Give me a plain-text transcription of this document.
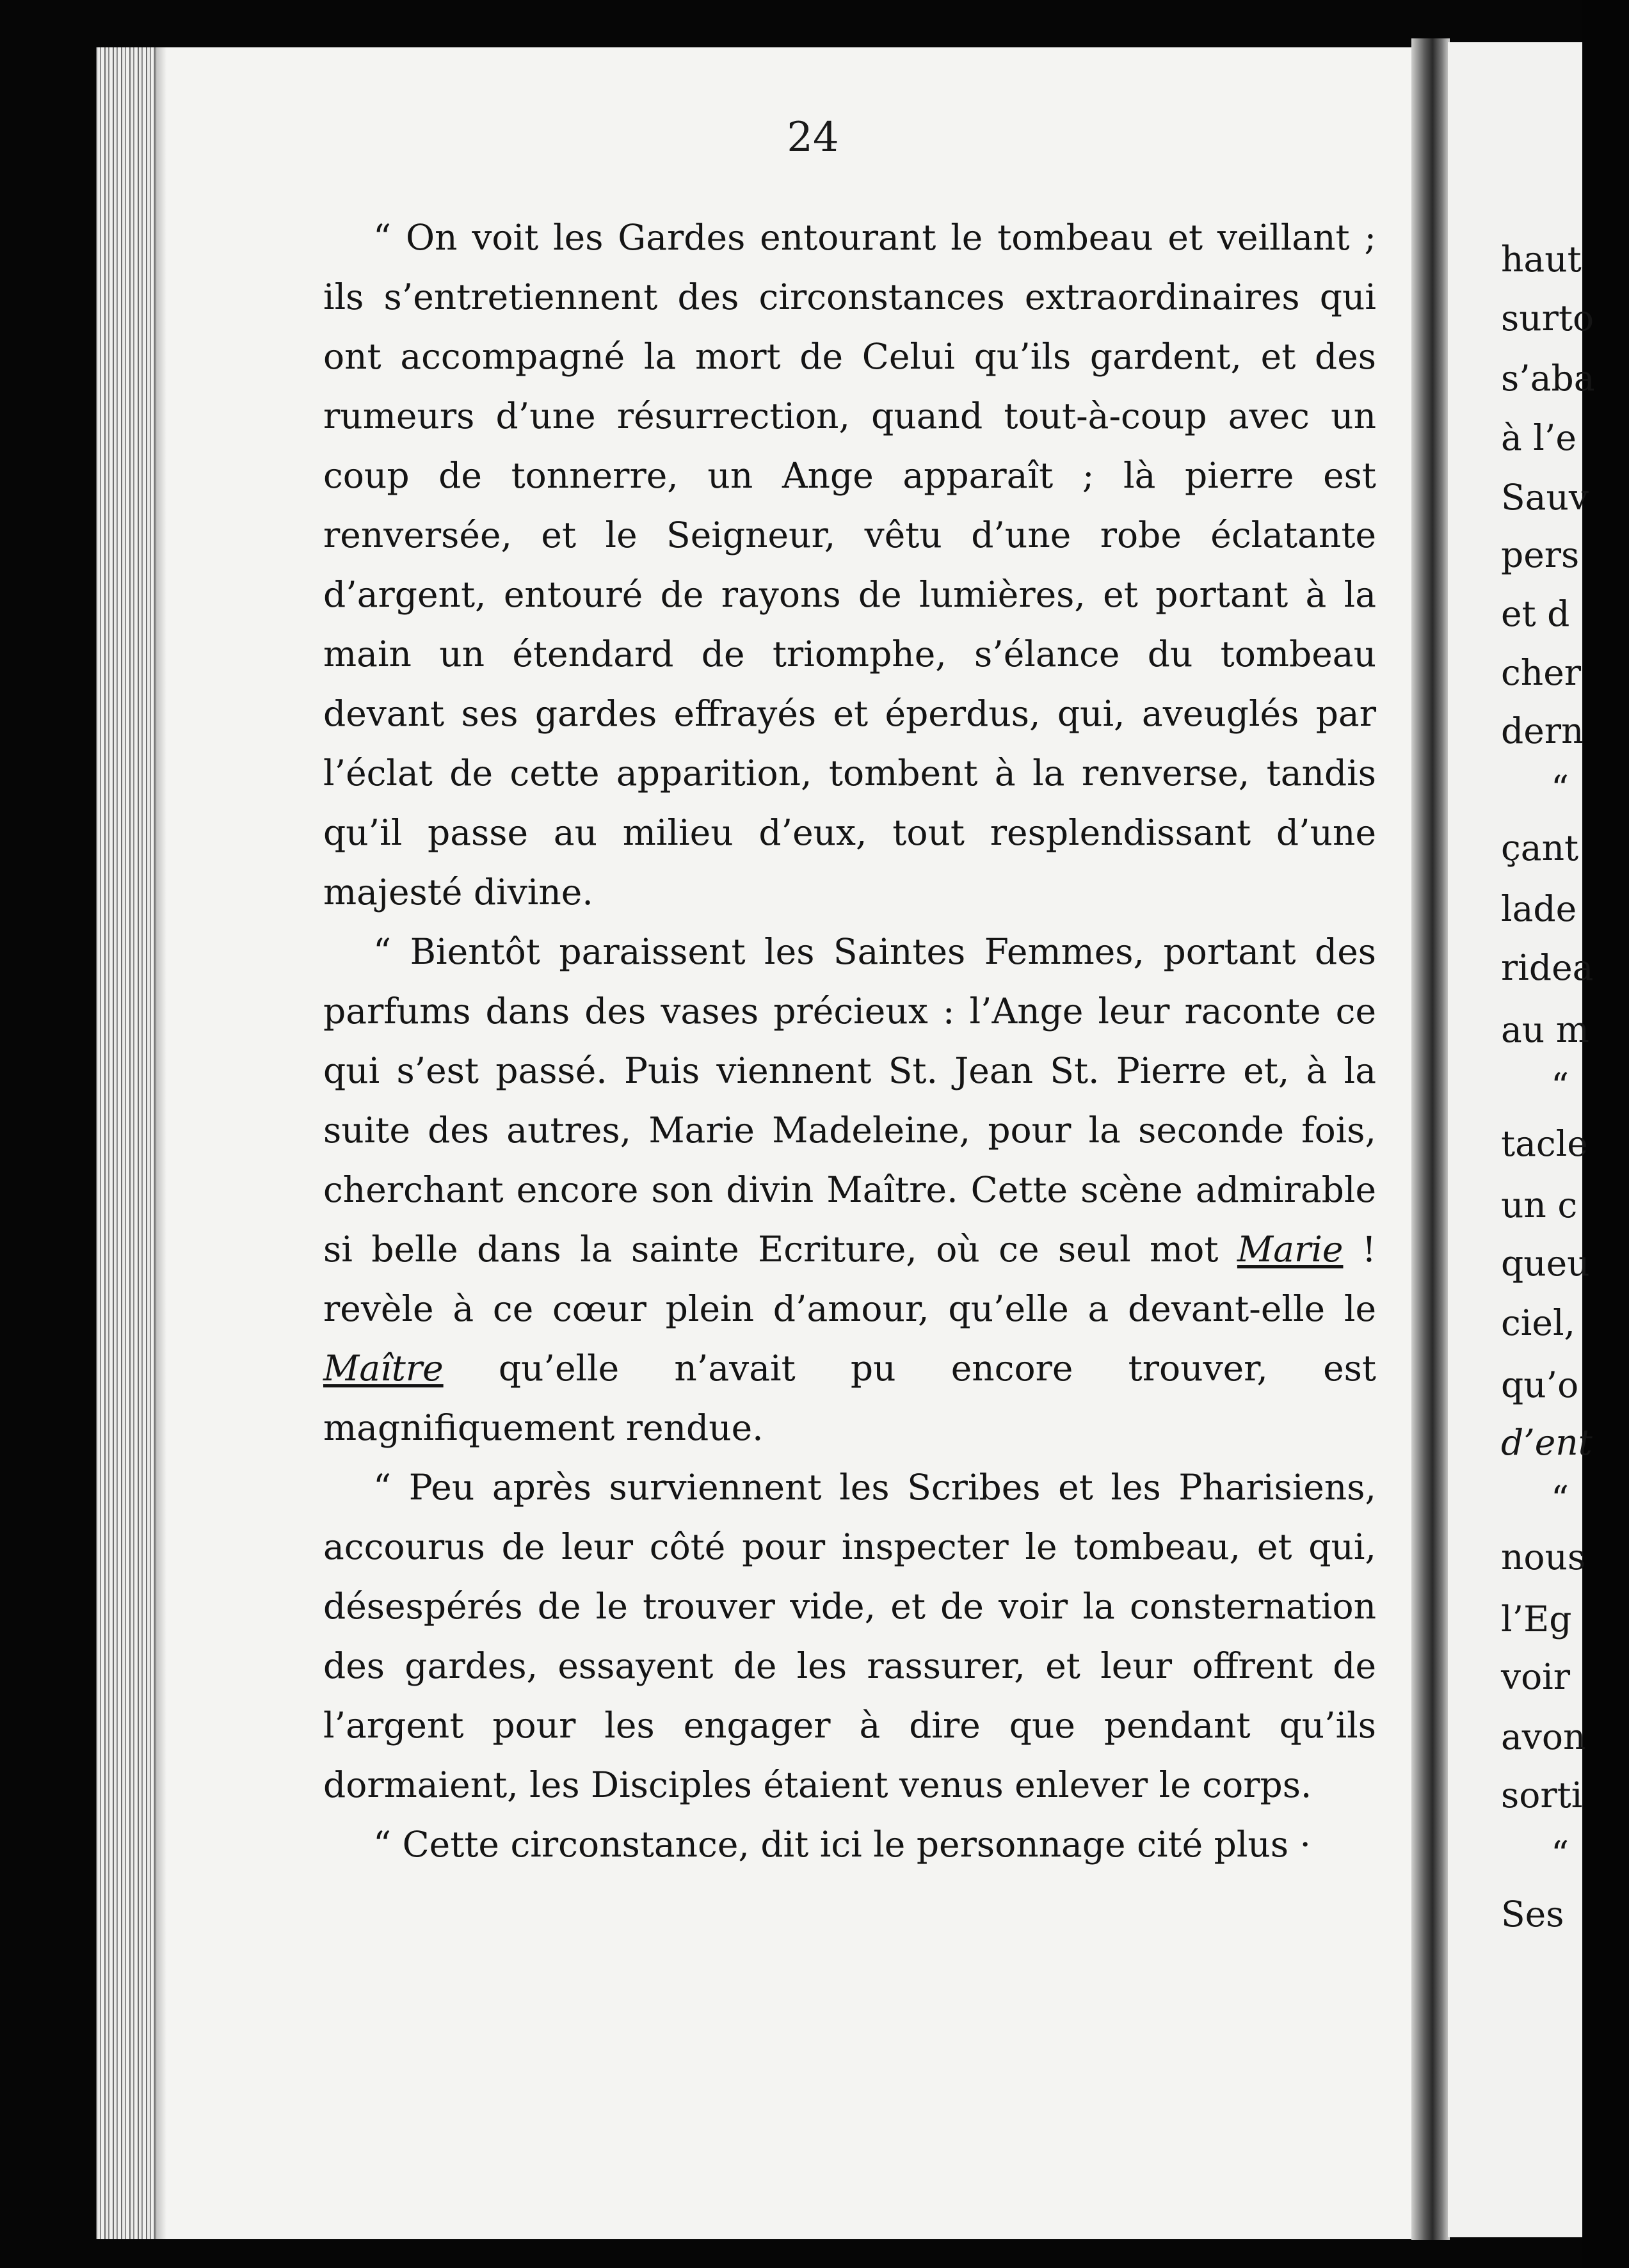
24

“ On voit les Gardes entourant le tombeau et veillant ; ils s’entretiennent des circonstances extraordinaires qui ont accompagné la mort de Celui qu’ils gardent, et des rumeurs d’une résurrection, quand tout-à-coup avec un coup de tonnerre, un Ange apparaît ; là pierre est renversée, et le Seigneur, vêtu d’une robe éclatante d’argent, entouré de rayons de lumières, et portant à la main un étendard de triomphe, s’élance du tombeau devant ses gardes effrayés et éperdus, qui, aveuglés par l’éclat de cette apparition, tombent à la renverse, tandis qu’il passe au milieu d’eux, tout resplendissant d’une majesté divine.

“ Bientôt paraissent les Saintes Femmes, portant des parfums dans des vases précieux : l’Ange leur raconte ce qui s’est passé. Puis viennent St. Jean St. Pierre et, à la suite des autres, Marie Madeleine, pour la seconde fois, cherchant encore son divin Maître. Cette scène admirable si belle dans la sainte Ecriture, où ce seul mot Marie ! revèle à ce cœur plein d’amour, qu’elle a devant-elle le Maître qu’elle n’avait pu encore trouver, est magnifiquement rendue.

“ Peu après surviennent les Scribes et les Pharisiens, accourus de leur côté pour inspecter le tombeau, et qui, désespérés de le trouver vide, et de voir la consternation des gardes, essayent de les rassurer, et leur offrent de l’argent pour les engager à dire que pendant qu’ils dormaient, les Disciples étaient venus enlever le corps.

“ Cette circonstance, dit ici le personnage cité plus ·

haut
surto
s’aba
à l’e
Sauv
pers
et d
cher
dern
“
çant
lade
ridea
au m
“
tacle
un c
queu
ciel,
qu’o
d’ent
“
nous
l’Eg
voir
avon
sorti
“
Ses
